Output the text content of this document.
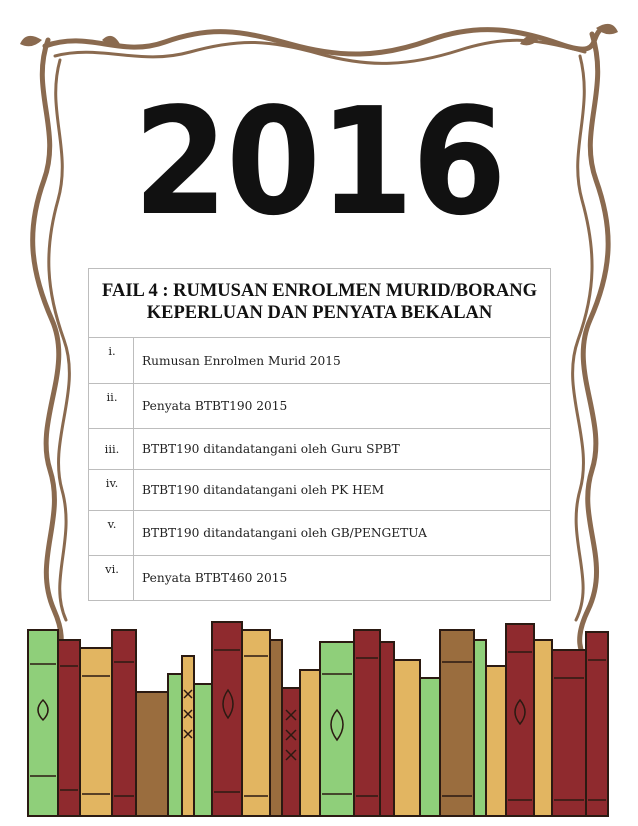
2016
FAIL 4 : RUMUSAN ENROLMEN MURID/BORANG KEPERLUAN DAN PENYATA BEKALAN	
i.	Rumusan Enrolmen Murid 2015
ii.	Penyata BTBT190 2015
iii.	BTBT190 ditandatangani oleh Guru SPBT
iv.	BTBT190 ditandatangani oleh PK HEM
v.	BTBT190 ditandatangani oleh GB/PENGETUA
vi.	Penyata BTBT460 2015
